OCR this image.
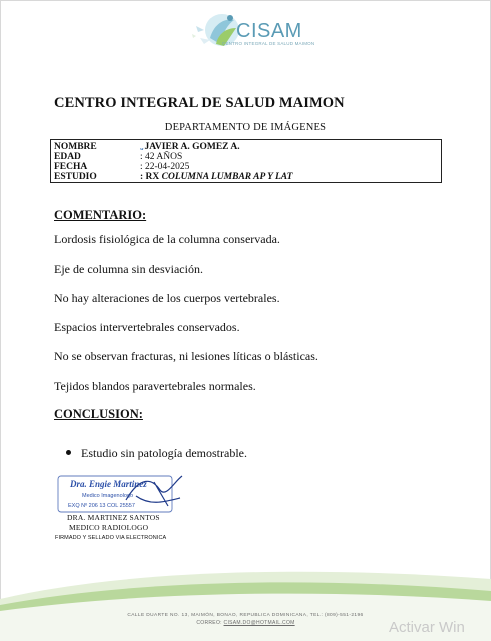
CISAM
CENTRO INTEGRAL DE SALUD MAIMON
CENTRO INTEGRAL DE SALUD MAIMON
DEPARTAMENTO DE IMÁGENES
NOMBRE	ᴗJAVIER A. GOMEZ A.
EDAD	: 42 AÑOS
FECHA	: 22-04-2025
ESTUDIO	: RX COLUMNA LUMBAR AP Y LAT
COMENTARIO:
Lordosis fisiológica de la columna conservada.
Eje de columna sin desviación.
No hay alteraciones de los cuerpos vertebrales.
Espacios intervertebrales conservados.
No se observan fracturas, ni lesiones líticas o blásticas.
Tejidos blandos paravertebrales normales.
CONCLUSION:
Estudio sin patología demostrable.
Dra. Engie Martinez
Medico Imagenologo
EXQ Nº 206 13 COL 25557
DRA. MARTINEZ SANTOS
MEDICO RADIOLOGO
FIRMADO Y SELLADO VIA ELECTRONICA
CALLE DUARTE NO. 13, MAIMÓN, BONAO, REPUBLICA DOMINICANA, TEL.: (809)-551-2196
CORREO: CISAM.DO@HOTMAIL.COM	Activar Win
